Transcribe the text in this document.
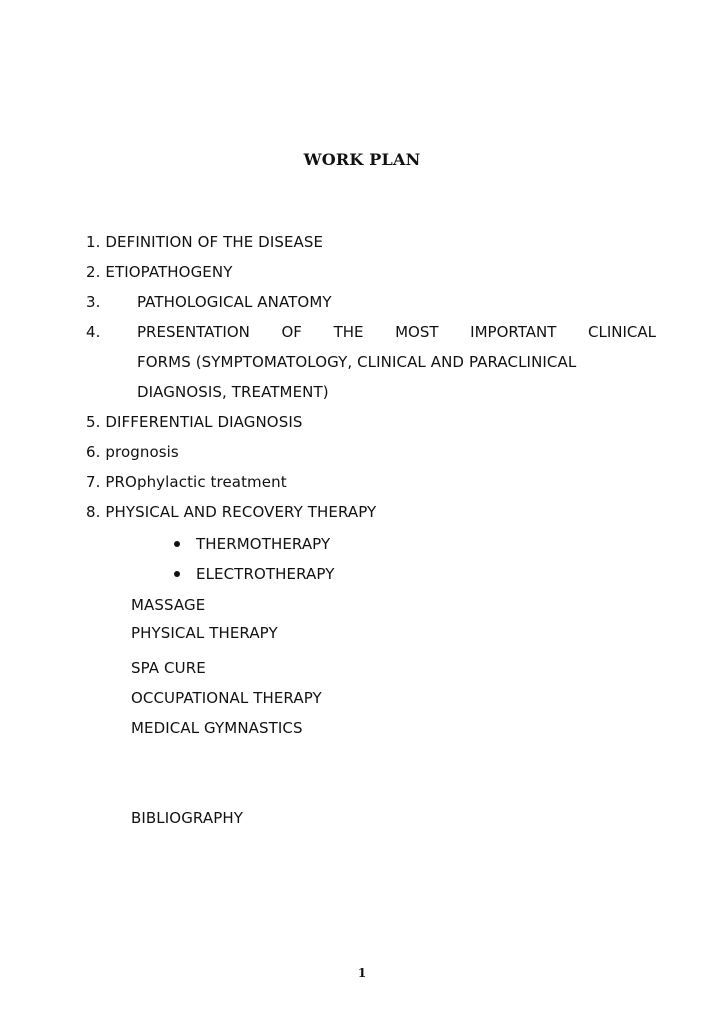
WORK PLAN
1. DEFINITION OF THE DISEASE
2. ETIOPATHOGENY
3. PATHOLOGICAL ANATOMY
4. PRESENTATION OF THE MOST IMPORTANT CLINICAL
FORMS (SYMPTOMATOLOGY, CLINICAL AND PARACLINICAL
DIAGNOSIS, TREATMENT)
5. DIFFERENTIAL DIAGNOSIS
6. prognosis
7. PROphylactic treatment
8. PHYSICAL AND RECOVERY THERAPY
THERMOTHERAPY
ELECTROTHERAPY
MASSAGE
PHYSICAL THERAPY
SPA CURE
OCCUPATIONAL THERAPY
MEDICAL GYMNASTICS
BIBLIOGRAPHY
1
